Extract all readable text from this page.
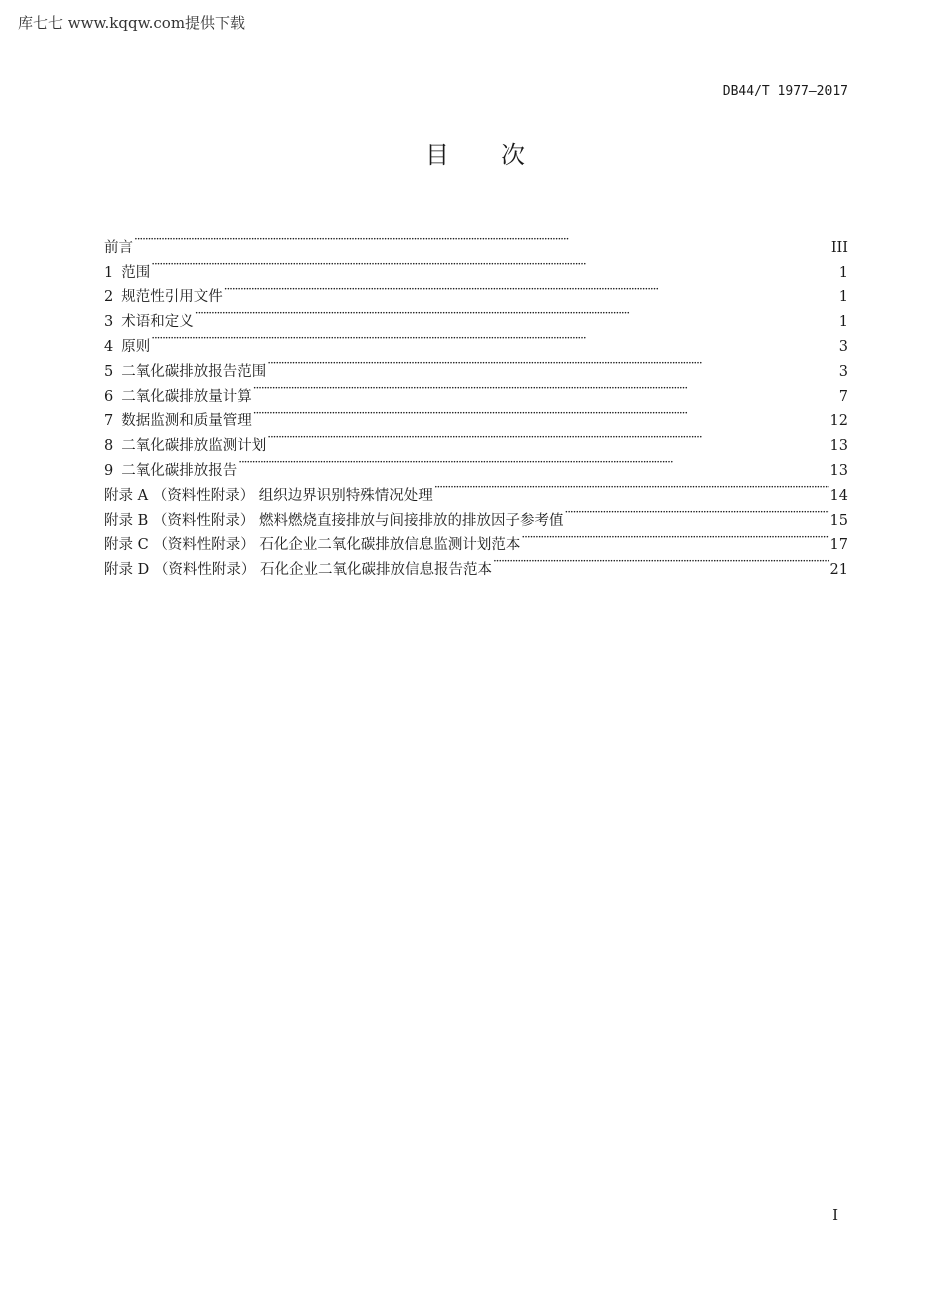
库七七 www.kqqw.com提供下载
DB44/T 1977—2017
目次
前言 ·····	III
1 范围 ·····	1
2 规范性引用文件 ·····	1
3 术语和定义 ·····	1
4 原则 ·····	3
5 二氧化碳排放报告范围 ·····	3
6 二氧化碳排放量计算 ·····	7
7 数据监测和质量管理 ·····	12
8 二氧化碳排放监测计划 ·····	13
9 二氧化碳排放报告 ·····	13
附录 A （资料性附录） 组织边界识别特殊情况处理 ·····	14
附录 B （资料性附录） 燃料燃烧直接排放与间接排放的排放因子参考值 ·····	15
附录 C （资料性附录） 石化企业二氧化碳排放信息监测计划范本 ·····	17
附录 D （资料性附录） 石化企业二氧化碳排放信息报告范本 ·····	21
I
